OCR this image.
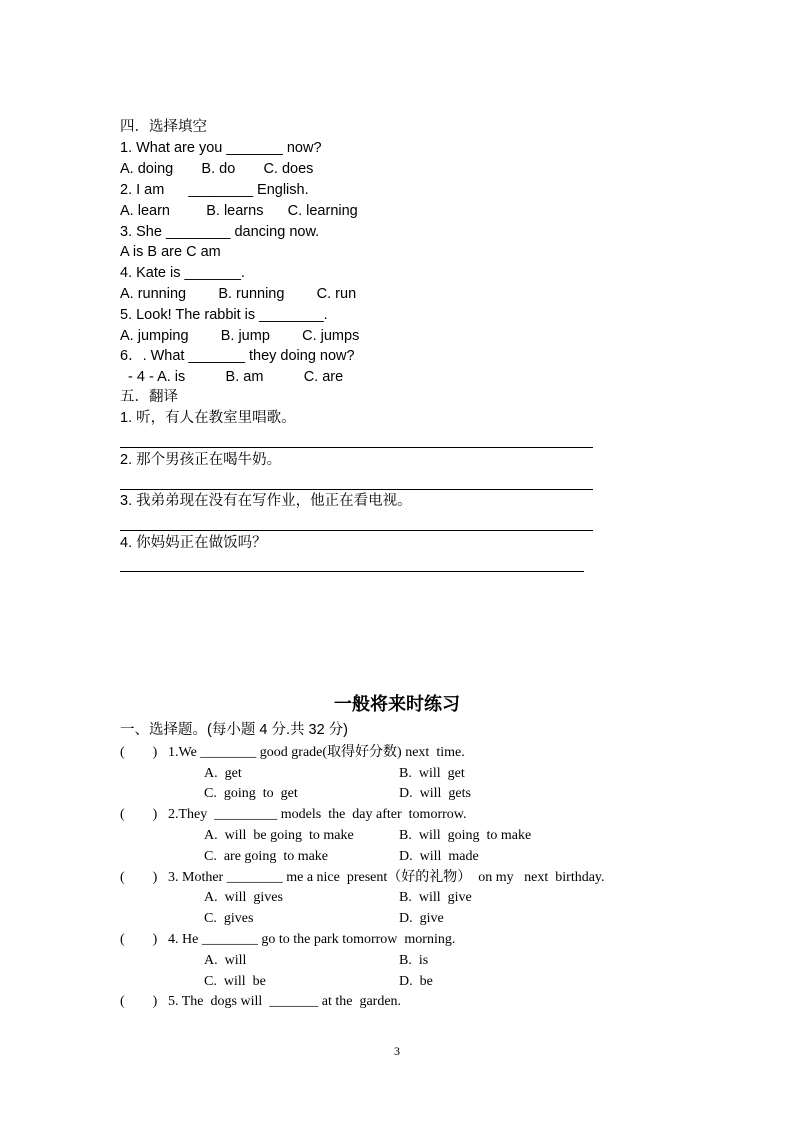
四．选择填空
1. What are you _______ now?
A. doing       B. do       C. does
2. I am      ________ English.
A. learn         B. learns      C. learning
3. She ________ dancing now.
A is B are C am
4. Kate is _______.
A. running        B. running        C. run
5. Look! The rabbit is ________.
A. jumping        B. jump        C. jumps
6．. What _______ they doing now?
- 4 - A. is          B. am          C. are
五．翻译
1. 听，有人在教室里唱歌。
2. 那个男孩正在喝牛奶。
3. 我弟弟现在没有在写作业，他正在看电视。
4. 你妈妈正在做饭吗？
一般将来时练习
一、选择题。(每小题 4 分.共 32 分)
(        ) 1.We ________ good grade(取得好分数) next  time.
A.  get	B.  will  get
C.  going  to  get	D.  will  gets
(        ) 2.They  _________ models  the  day after  tomorrow.
A.  will  be going  to make	B.  will  going  to make
C.  are going  to make	D.  will  made
(        ) 3. Mother ________ me a nice  present（好的礼物）  on my   next  birthday.
A.  will  gives	B.  will  give
C.  gives	D.  give
(        ) 4. He ________ go to the park tomorrow  morning.
A.  will	B.  is
C.  will  be	D.  be
(        ) 5. The  dogs will  _______ at the  garden.
3
